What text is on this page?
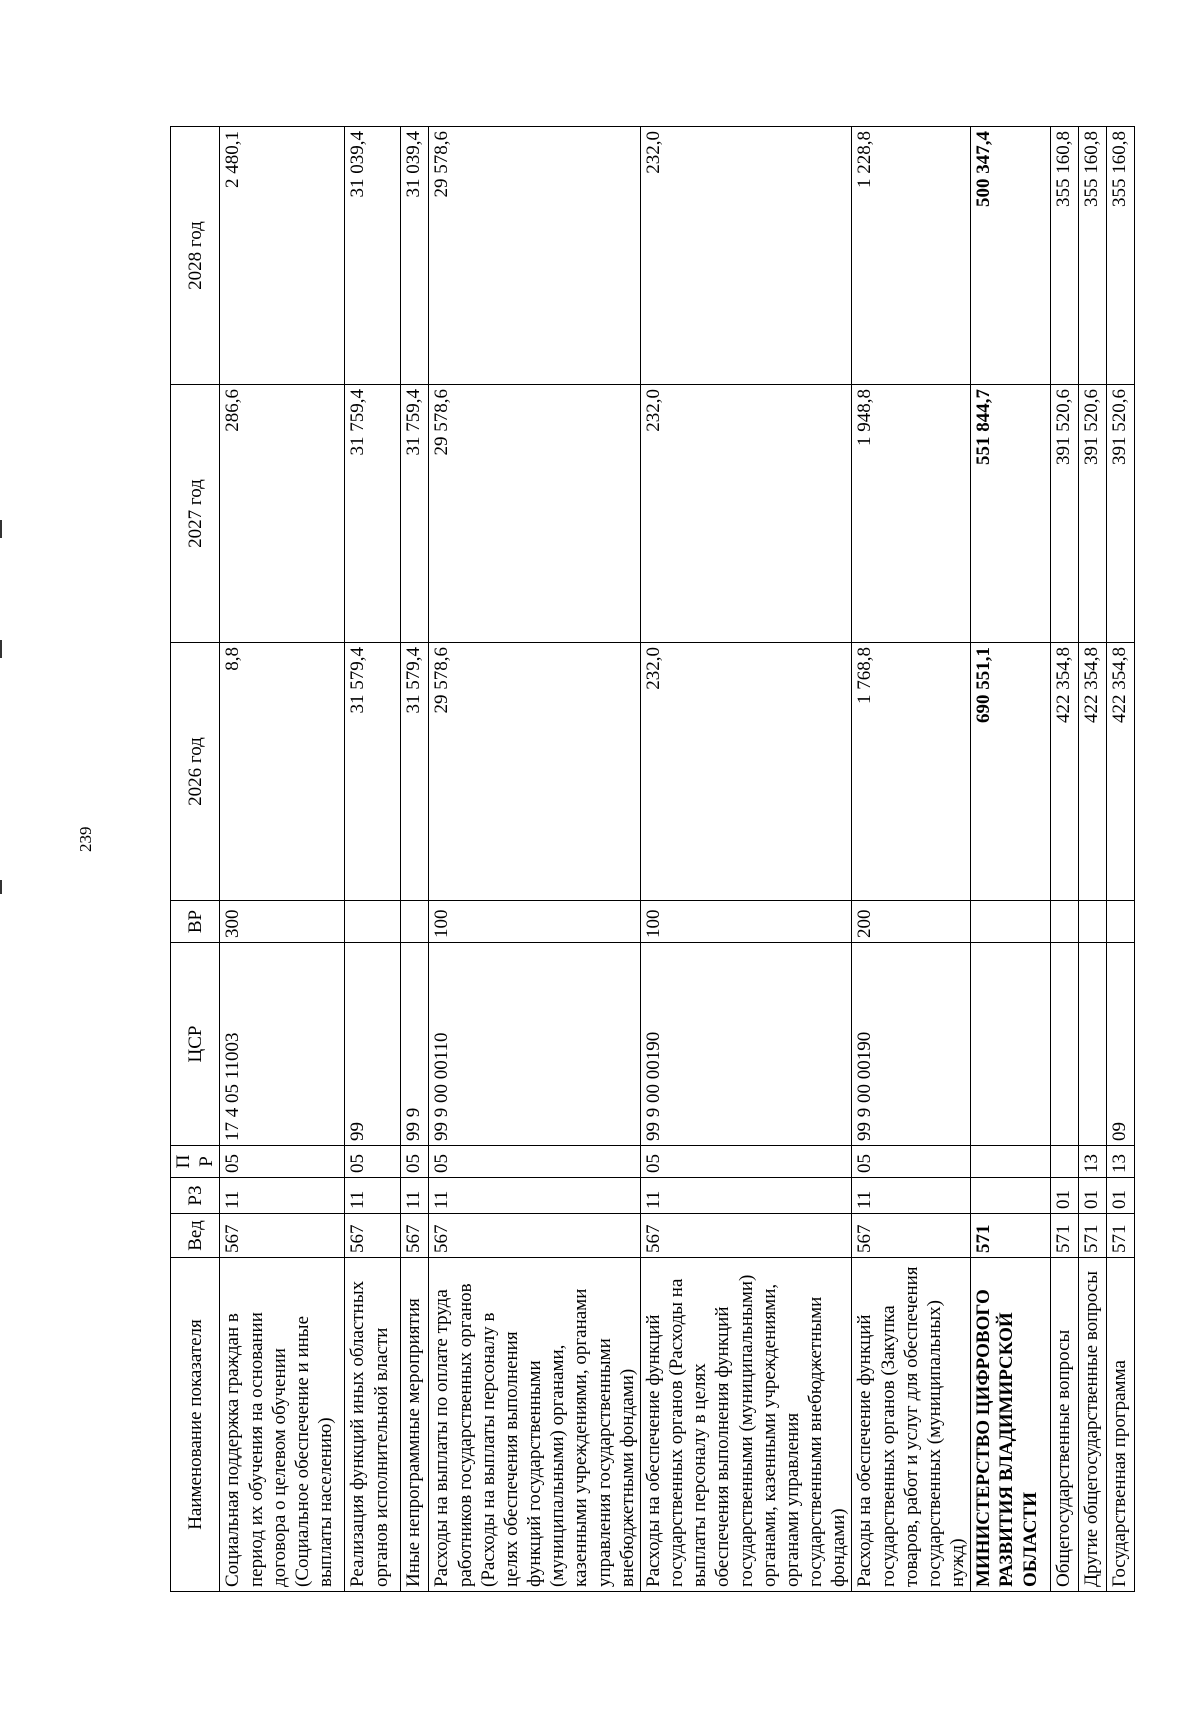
239
Наименование показателя	Вед	РЗ	ПР	ЦСР	ВР	2026 год	2027 год	2028 год
Социальная поддержка граждан в период их обучения на основании договора о целевом обучении (Социальное обеспечение и иные выплаты населению)	567	11	05	17 4 05 11003	300	8,8	286,6	2 480,1
Реализация функций иных областных органов исполнительной власти	567	11	05	99		31 579,4	31 759,4	31 039,4
Иные непрограммные мероприятия	567	11	05	99 9		31 579,4	31 759,4	31 039,4
Расходы на выплаты по оплате труда работников государственных органов (Расходы на выплаты персоналу в целях обеспечения выполнения функций государственными (муниципальными) органами, казенными учреждениями, органами управления государственными внебюджетными фондами)	567	11	05	99 9 00 00110	100	29 578,6	29 578,6	29 578,6
Расходы на обеспечение функций государственных органов (Расходы на выплаты персоналу в целях обеспечения выполнения функций государственными (муниципальными) органами, казенными учреждениями, органами управления государственными внебюджетными фондами)	567	11	05	99 9 00 00190	100	232,0	232,0	232,0
Расходы на обеспечение функций государственных органов (Закупка товаров, работ и услуг для обеспечения государственных (муниципальных) нужд)	567	11	05	99 9 00 00190	200	1 768,8	1 948,8	1 228,8
МИНИСТЕРСТВО ЦИФРОВОГО РАЗВИТИЯ ВЛАДИМИРСКОЙ ОБЛАСТИ	571					690 551,1	551 844,7	500 347,4
Общегосударственные вопросы	571	01				422 354,8	391 520,6	355 160,8
Другие общегосударственные вопросы	571	01	13			422 354,8	391 520,6	355 160,8
Государственная программа	571	01	13	09		422 354,8	391 520,6	355 160,8
